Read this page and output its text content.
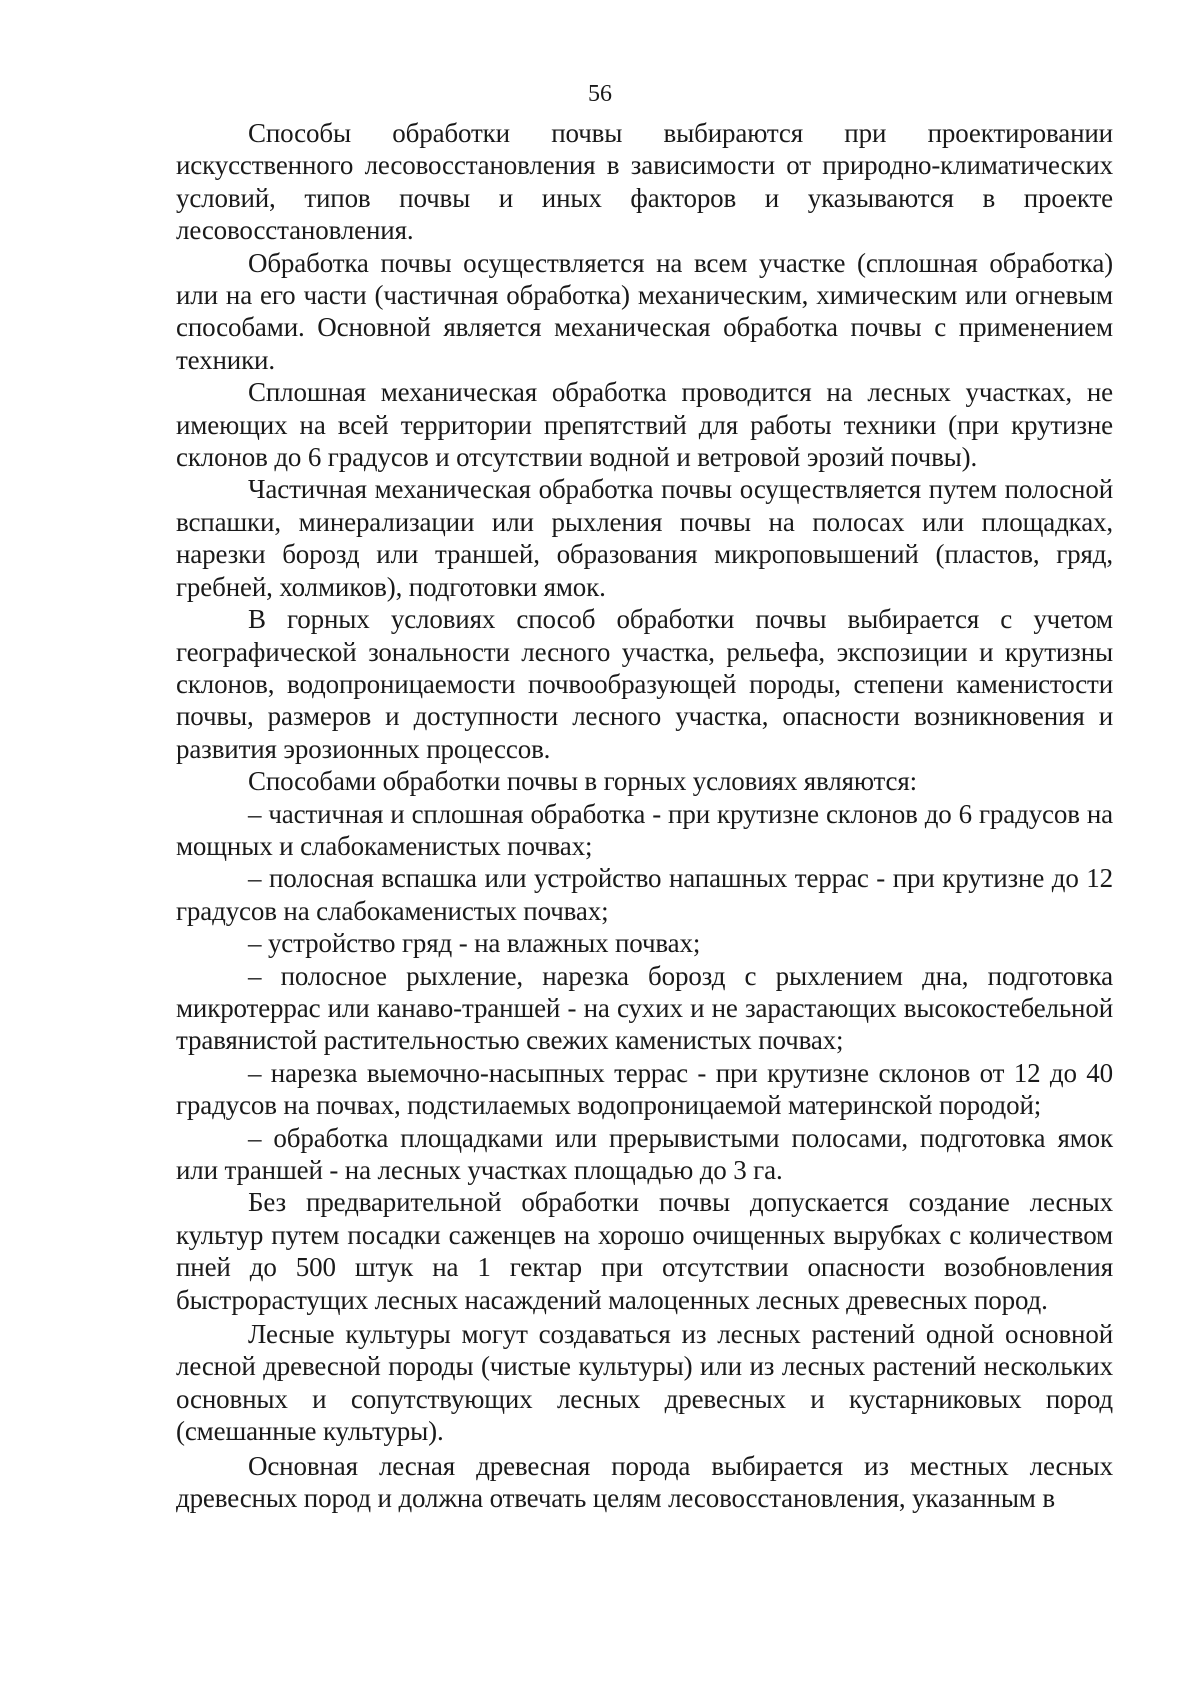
56

Способы обработки почвы выбираются при проектировании искусственного лесовосстановления в зависимости от природно-климатических условий, типов почвы и иных факторов и указываются в проекте лесовосстановления.

Обработка почвы осуществляется на всем участке (сплошная обработка) или на его части (частичная обработка) механическим, химическим или огневым способами. Основной является механическая обработка почвы с применением техники.

Сплошная механическая обработка проводится на лесных участках, не имеющих на всей территории препятствий для работы техники (при крутизне склонов до 6 градусов и отсутствии водной и ветровой эрозий почвы).

Частичная механическая обработка почвы осуществляется путем полосной вспашки, минерализации или рыхления почвы на полосах или площадках, нарезки борозд или траншей, образования микроповышений (пластов, гряд, гребней, холмиков), подготовки ямок.

В горных условиях способ обработки почвы выбирается с учетом географической зональности лесного участка, рельефа, экспозиции и крутизны склонов, водопроницаемости почвообразующей породы, степени каменистости почвы, размеров и доступности лесного участка, опасности возникновения и развития эрозионных процессов.

Способами обработки почвы в горных условиях являются:

– частичная и сплошная обработка - при крутизне склонов до 6 градусов на мощных и слабокаменистых почвах;

– полосная вспашка или устройство напашных террас - при крутизне до 12 градусов на слабокаменистых почвах;

– устройство гряд - на влажных почвах;

– полосное рыхление, нарезка борозд с рыхлением дна, подготовка микротеррас или канаво-траншей - на сухих и не зарастающих высокостебельной травянистой растительностью свежих каменистых почвах;

– нарезка выемочно-насыпных террас - при крутизне склонов от 12 до 40 градусов на почвах, подстилаемых водопроницаемой материнской породой;

– обработка площадками или прерывистыми полосами, подготовка ямок или траншей - на лесных участках площадью до 3 га.

Без предварительной обработки почвы допускается создание лесных культур путем посадки саженцев на хорошо очищенных вырубках с количеством пней до 500 штук на 1 гектар при отсутствии опасности возобновления быстрорастущих лесных насаждений малоценных лесных древесных пород.

Лесные культуры могут создаваться из лесных растений одной основной лесной древесной породы (чистые культуры) или из лесных растений нескольких основных и сопутствующих лесных древесных и кустарниковых пород (смешанные культуры).

Основная лесная древесная порода выбирается из местных лесных древесных пород и должна отвечать целям лесовосстановления, указанным в
